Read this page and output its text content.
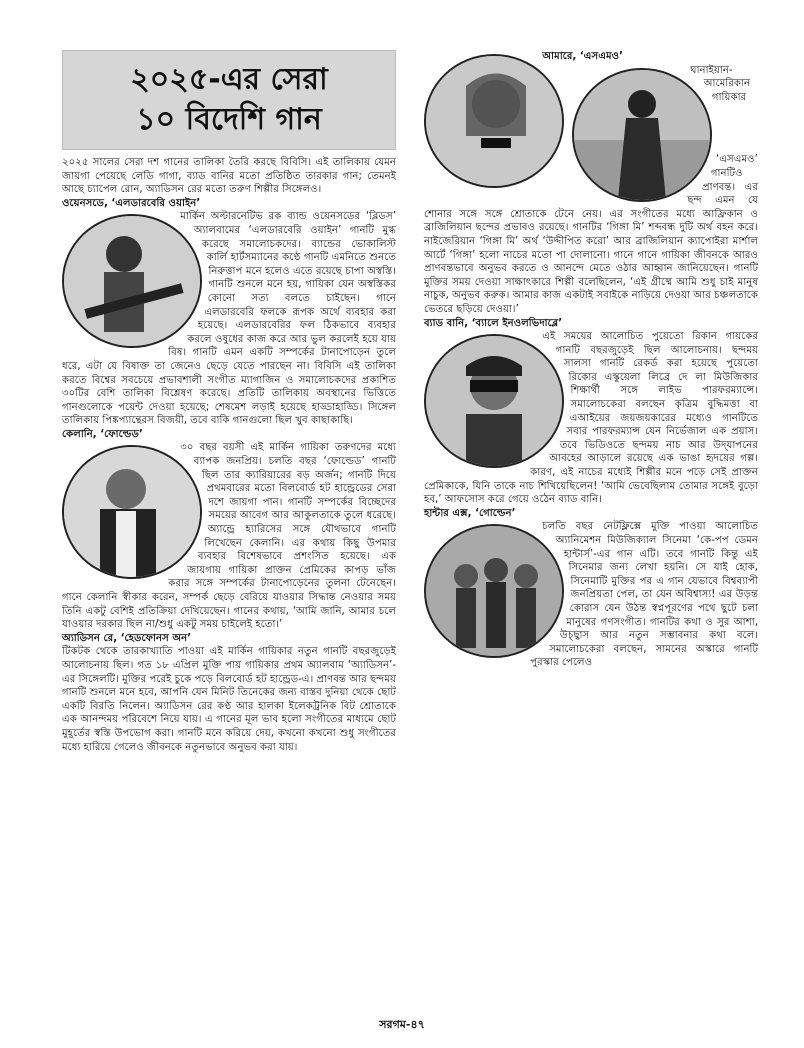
২০২৫-এর সেরা
১০ বিদেশি গান

২০২৫ সালের সেরা দশ গানের তালিকা তৈরি করছে বিবিসি। এই তালিকায় যেমন জায়গা পেয়েছে লেডি গাগা, ব্যাড বানির মতো প্রতিষ্ঠিত তারকার গান; তেমনই আছে চ্যাপেল রোন, অ্যাডিসন রের মতো তরুণ শিল্পীর সিঙ্গেলও।

ওয়েনসডে, ‘এলডারবেরি ওয়াইন’

মার্কিন অল্টারনেটিভ রক ব্যান্ড ওয়েনসডের ‘ব্লিডস’ অ্যালবামের ‘এলডারবেরি ওয়াইন’ গানটি মুগ্ধ করেছে সমালোচকদের। ব্যান্ডের ভোকালিস্ট কার্লি হার্টসম্যানের কণ্ঠে গানটি এমনিতে শুনতে নিরুত্তাপ মনে হলেও এতে রয়েছে চাপা অস্বস্তি। গানটি শুনলে মনে হয়, গায়িকা যেন অস্বস্তিকর কোনো সত্য বলতে চাইছেন। গানে এলডারবেরি ফলকে রূপক অর্থে ব্যবহার করা হয়েছে। এলডারবেরির ফল ঠিকভাবে ব্যবহার করলে ওষুধের কাজ করে আর ভুল করলেই হয়ে যায় বিষ। গানটি এমন একটি সম্পর্কের টানাপোড়েন তুলে ধরে, এটা যে বিষাক্ত তা জেনেও ছেড়ে যেতে পারছেন না। বিবিসি এই তালিকা করতে বিশ্বের সবচেয়ে প্রভাবশালী সংগীত ম্যাগাজিন ও সমালোচকদের প্রকাশিত ৩০টির বেশি তালিকা বিশ্লেষণ করেছে। প্রতিটি তালিকায় অবস্থানের ভিত্তিতে গানগুলোকে পয়েন্ট দেওয়া হয়েছে; শেষমেশ লড়াই হয়েছে হাড্ডাহাড্ডি। সিঙ্গেল তালিকায় পিঙ্কপ্যান্থেরস বিজয়ী, তবে বাকি গানগুলো ছিল খুব কাছাকাছি।

কেলানি, ‘ফোল্ডেড’

৩০ বছর বয়সী এই মার্কিন গায়িকা তরুণদের মধ্যে ব্যাপক জনপ্রিয়। চলতি বছর ‘ফোল্ডেড’ গানটি ছিল তার ক্যারিয়ারের বড় অর্জন; গানটি দিয়ে প্রথমবারের মতো বিলবোর্ড হট হান্ড্রেডের সেরা দশে জায়গা পান। গানটি সম্পর্কের বিচ্ছেদের সময়ের আবেগ আর আকুলতাকে তুলে ধরেছে। অ্যান্ড্রে হ্যারিসের সঙ্গে যৌথভাবে গানটি লিখেছেন কেলানি। এর কথায় কিছু উপমার ব্যবহার বিশেষভাবে প্রশংসিত হয়েছে। এক জায়গায় গায়িকা প্রাক্তন প্রেমিকের কাপড় ভাঁজ করার সঙ্গে সম্পর্কের টানাপোড়েনের তুলনা টেনেছেন। গানে কেলানি স্বীকার করেন, সম্পর্ক ছেড়ে বেরিয়ে যাওয়ার সিদ্ধান্ত নেওয়ার সময় তিনি একটু বেশিই প্রতিক্রিয়া দেখিয়েছেন। গানের কথায়, ‘আমি জানি, আমার চলে যাওয়ার দরকার ছিল না/শুধু একটু সময় চাইলেই হতো।’

অ্যাডিসন রে, ‘হেডফোনস অন’

টিকটক থেকে তারকাখ্যাতি পাওয়া এই মার্কিন গায়িকার নতুন গানটি বছরজুড়েই আলোচনায় ছিল। গত ১৮ এপ্রিল মুক্তি পায় গায়িকার প্রথম অ্যালবাম ‘অ্যাডিসন’-এর সিঙ্গেলটি। মুক্তির পরেই চুকে পড়ে বিলবোর্ড হট হান্ড্রেড-এ। প্রাণবন্ত আর ছন্দময় গানটি শুনলে মনে হবে, আপনি যেন মিনিট তিনেকের জন্য বাস্তব দুনিয়া থেকে ছোট একটি বিরতি নিলেন। অ্যাডিসন রের কণ্ঠ আর হালকা ইলেকট্রনিক বিট শ্রোতাকে এক আনন্দময় পরিবেশে নিয়ে যায়। এ গানের মূল ভাব হলো সংগীতের মাধ্যমে ছোট মুহূর্তের স্বস্তি উপভোগ করা। গানটি মনে করিয়ে দেয়, কখনো কখনো শুধু সংগীতের মধ্যে হারিয়ে গেলেও জীবনকে নতুনভাবে অনুভব করা যায়।

আমারে, ‘এসএমও’

ঘানাইয়ান-আমেরিকান গায়িকার ‘এসএমও’ গানটিও প্রাণবন্ত। এর ছন্দ এমন যে শোনার সঙ্গে সঙ্গে শ্রোতাকে টেনে নেয়। এর সংগীতের মধ্যে আফ্রিকান ও ব্রাজিলিয়ান ছন্দের প্রভাবও রয়েছে। গানটির ‘গিঙ্গা মি’ শব্দবন্ধ দুটি অর্থ বহন করে। নাইজেরিয়ান ‘গিঙ্গা মি’ অর্থ ‘উদ্দীপিত করো’ আর ব্রাজিলিয়ান ক্যাপোইরা মার্শাল আর্টে ‘গিঙ্গা’ হলো নাচের মতো পা দোলানো। গানে গানে গায়িকা জীবনকে আরও প্রাণবন্তভাবে অনুভব করতে ও আনন্দে মেতে ওঠার আহ্বান জানিয়েছেন। গানটি মুক্তির সময় দেওয়া সাক্ষাৎকারে শিল্পী বলেছিলেন, ‘এই গ্রীষ্মে আমি শুধু চাই মানুষ নাচুক, অনুভব করুক। আমার কাজ একটাই সবাইকে নাড়িয়ে দেওয়া আর চঞ্চলতাকে ভেতরে ছড়িয়ে দেওয়া।’

ব্যাড বানি, ‘ব্যালে ইনওলভিদাব্লে’

এই সময়ের আলোচিত পুয়েতো রিকান গায়কের গানটি বছরজুড়েই ছিল আলোচনায়। ছন্দময় সালসা গানটি রেকর্ড করা হয়েছে পুয়েতো রিকোর এস্কুয়েলা লিব্রে দে লা মিউজিকার শিক্ষার্থী সঙ্গে লাইভ পারফরম্যান্সে। সমালোচকেরা বলছেন কৃত্রিম বুদ্ধিমত্তা বা এআইয়ের জয়জয়কারের মধ্যেও গানটিতে সবার পারফরম্যান্স যেন নির্ভেজাল এক প্রয়াস। তবে ভিডিওতে ছন্দময় নাচ আর উদ্‌যাপনের আবহের আড়ালে রয়েছে এক ভাঙা হৃদয়ের গল্প। কারণ, এই নাচের মধ্যেই শিল্পীর মনে পড়ে সেই প্রাক্তন প্রেমিকাকে, যিনি তাকে নাচ শিখিয়েছিলেন! ‘আমি ভেবেছিলাম তোমার সঙ্গেই বুড়ো হব,’ আফসোস করে গেয়ে ওঠেন ব্যাড বানি।

হান্টার এক্স, ‘গোল্ডেন’

চলতি বছর নেটফ্লিক্সে মুক্তি পাওয়া আলোচিত অ্যানিমেশন মিউজিক্যাল সিনেমা ‘কে-পপ ডেমন হান্টার্স’-এর গান এটি। তবে গানটি কিন্তু এই সিনেমার জন্য লেখা হয়নি। সে যাই হোক, সিনেমাটি মুক্তির পর এ গান যেভাবে বিশ্বব্যাপী জনপ্রিয়তা পেল, তা যেন অবিশ্বাস্য! এর উড়ন্ত কোরাস যেন উঠন্ত স্বপ্নপূরণের পথে ছুটে চলা মানুষের গণসংগীত। গানটির কথা ও সুর আশা, উচ্ছ্বাস আর নতুন সম্ভাবনার কথা বলে। সমালোচকেরা বলছেন, সামনের অস্কারে গানটি পুরস্কার পেলেও

সরগম-৪৭
